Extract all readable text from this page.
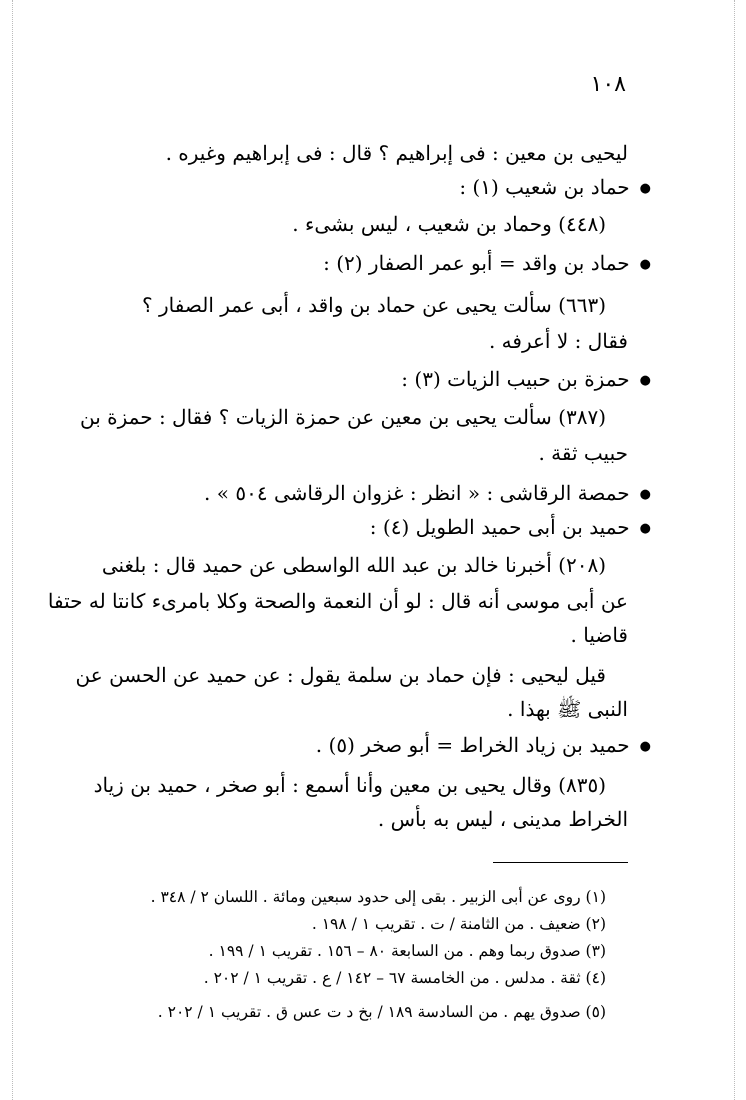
١٠٨
ليحيى بن معين : فى إبراهيم ؟ قال : فى إبراهيم وغيره .
● حماد بن شعيب (١) :
(٤٤٨) وحماد بن شعيب ، ليس بشىء .
● حماد بن واقد = أبو عمر الصفار (٢) :
(٦٦٣) سألت يحيى عن حماد بن واقد ، أبى عمر الصفار ؟
فقال : لا أعرفه .
● حمزة بن حبيب الزيات (٣) :
(٣٨٧) سألت يحيى بن معين عن حمزة الزيات ؟ فقال : حمزة بن
حبيب ثقة .
● حمصة الرقاشى : « انظر : غزوان الرقاشى ٥٠٤ » .
● حميد بن أبى حميد الطويل (٤) :
(٢٠٨) أخبرنا خالد بن عبد الله الواسطى عن حميد قال : بلغنى
عن أبى موسى أنه قال : لو أن النعمة والصحة وكلا بامرىء كانتا له حتفا
قاضيا .
قيل ليحيى : فإن حماد بن سلمة يقول : عن حميد عن الحسن عن
النبى ﷺ بهذا .
● حميد بن زياد الخراط = أبو صخر (٥) .
(٨٣٥) وقال يحيى بن معين وأنا أسمع : أبو صخر ، حميد بن زياد
الخراط مدينى ، ليس به بأس .
(١) روى عن أبى الزبير . بقى إلى حدود سبعين ومائة . اللسان ٢ / ٣٤٨ .
(٢) ضعيف . من الثامنة / ت . تقريب ١ / ١٩٨ .
(٣) صدوق ربما وهم . من السابعة ٨٠ – ١٥٦ . تقريب ١ / ١٩٩ .
(٤) ثقة . مدلس . من الخامسة ٦٧ – ١٤٢ / ع . تقريب ١ / ٢٠٢ .
(٥) صدوق يهم . من السادسة ١٨٩ / بخ د ت عس ق . تقريب ١ / ٢٠٢ .
